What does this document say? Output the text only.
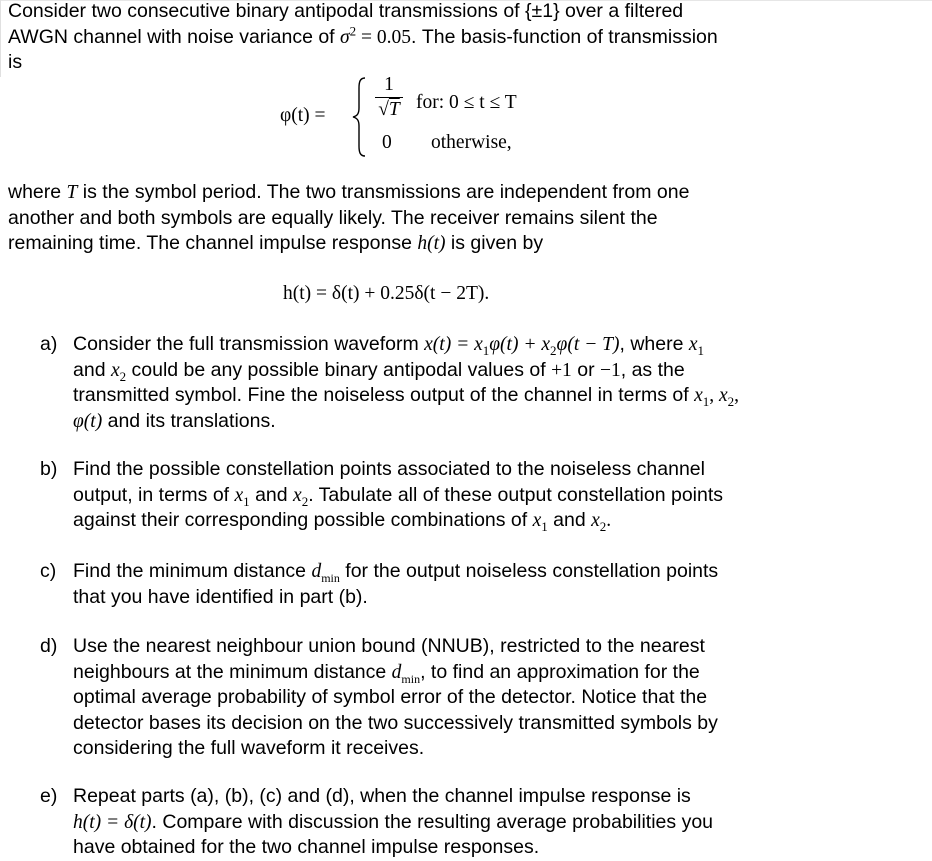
Consider two consecutive binary antipodal transmissions of {±1} over a filtered
AWGN channel with noise variance of $\sigma^2 = 0.05$. The basis-function of transmission
is
φ(t) =
1
√T
0
for: 0 ≤ t ≤ T
otherwise,
where T is the symbol period. The two transmissions are independent from one
another and both symbols are equally likely. The receiver remains silent the
remaining time. The channel impulse response h(t) is given by
h(t) = δ(t) + 0.25δ(t − 2T).
a) Consider the full transmission waveform $x(t) = x_1\varphi(t) + x_2\varphi(t - T)$, where $x_1$
and $x_2$ could be any possible binary antipodal values of +1 or −1, as the
transmitted symbol. Fine the noiseless output of the channel in terms of $x_1$, $x_2$,
φ(t) and its translations.
b) Find the possible constellation points associated to the noiseless channel
output, in terms of $x_1$ and $x_2$. Tabulate all of these output constellation points
against their corresponding possible combinations of $x_1$ and $x_2$.
c) Find the minimum distance $d_{min}$ for the output noiseless constellation points
that you have identified in part (b).
d) Use the nearest neighbour union bound (NNUB), restricted to the nearest
neighbours at the minimum distance $d_{min}$, to find an approximation for the
optimal average probability of symbol error of the detector. Notice that the
detector bases its decision on the two successively transmitted symbols by
considering the full waveform it receives.
e) Repeat parts (a), (b), (c) and (d), when the channel impulse response is
h(t) = δ(t). Compare with discussion the resulting average probabilities you
have obtained for the two channel impulse responses.
